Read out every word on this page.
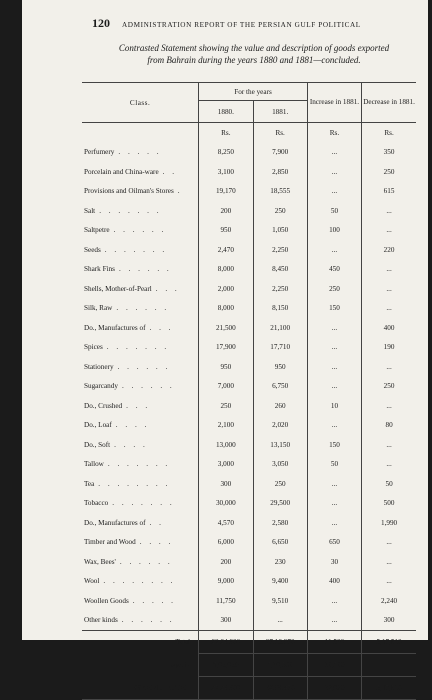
120	ADMINISTRATION REPORT OF THE PERSIAN GULF POLITICAL
Contrasted Statement showing the value and description of goods exported
from Bahrain during the years 1880 and 1881—concluded.
Class.	For the years		Increase in 1881.	Decrease in 1881.
	1880.	1881.		
	Rs.	Rs.	Rs.	Rs.
Perfumery . . . . .	8,250	7,900	...	350
Porcelain and China-ware . .	3,100	2,850	...	250
Provisions and Oilman's Stores .	19,170	18,555	...	615
Salt . . . . . . .	200	250	50	...
Saltpetre . . . . . .	950	1,050	100	...
Seeds . . . . . . .	2,470	2,250	...	220
Shark Fins . . . . . .	8,000	8,450	450	...
Shells, Mother-of-Pearl . . .	2,000	2,250	250	...
Silk, Raw . . . . . .	8,000	8,150	150	...
Do., Manufactures of . . .	21,500	21,100	...	400
Spices . . . . . . .	17,900	17,710	...	190
Stationery . . . . . .	950	950	...	...
Sugarcandy . . . . . .	7,000	6,750	...	250
Do., Crushed . . .	250	260	10	...
Do., Loaf . . . .	2,100	2,020	...	80
Do., Soft . . . .	13,000	13,150	150	...
Tallow . . . . . . .	3,000	3,050	50	...
Tea . . . . . . . .	300	250	...	50
Tobacco . . . . . . .	30,000	29,500	...	500
Do., Manufactures of . .	4,570	2,580	...	1,990
Timber and Wood . . . .	6,000	6,650	650	...
Wax, Bees' . . . . . .	200	230	30	...
Wool . . . . . . . .	9,000	9,400	400	...
Woollen Goods . . . . .	11,750	9,510	...	2,240
Other kinds . . . . . .	300	...	...	300
Total	22,24,900	27,18,970	11,580	5,17,510
Specie	5,00,000	5,80,500	80,500	...
GRAND TOTAL	27,24,900	32,99,470	92,080	5,17,510
